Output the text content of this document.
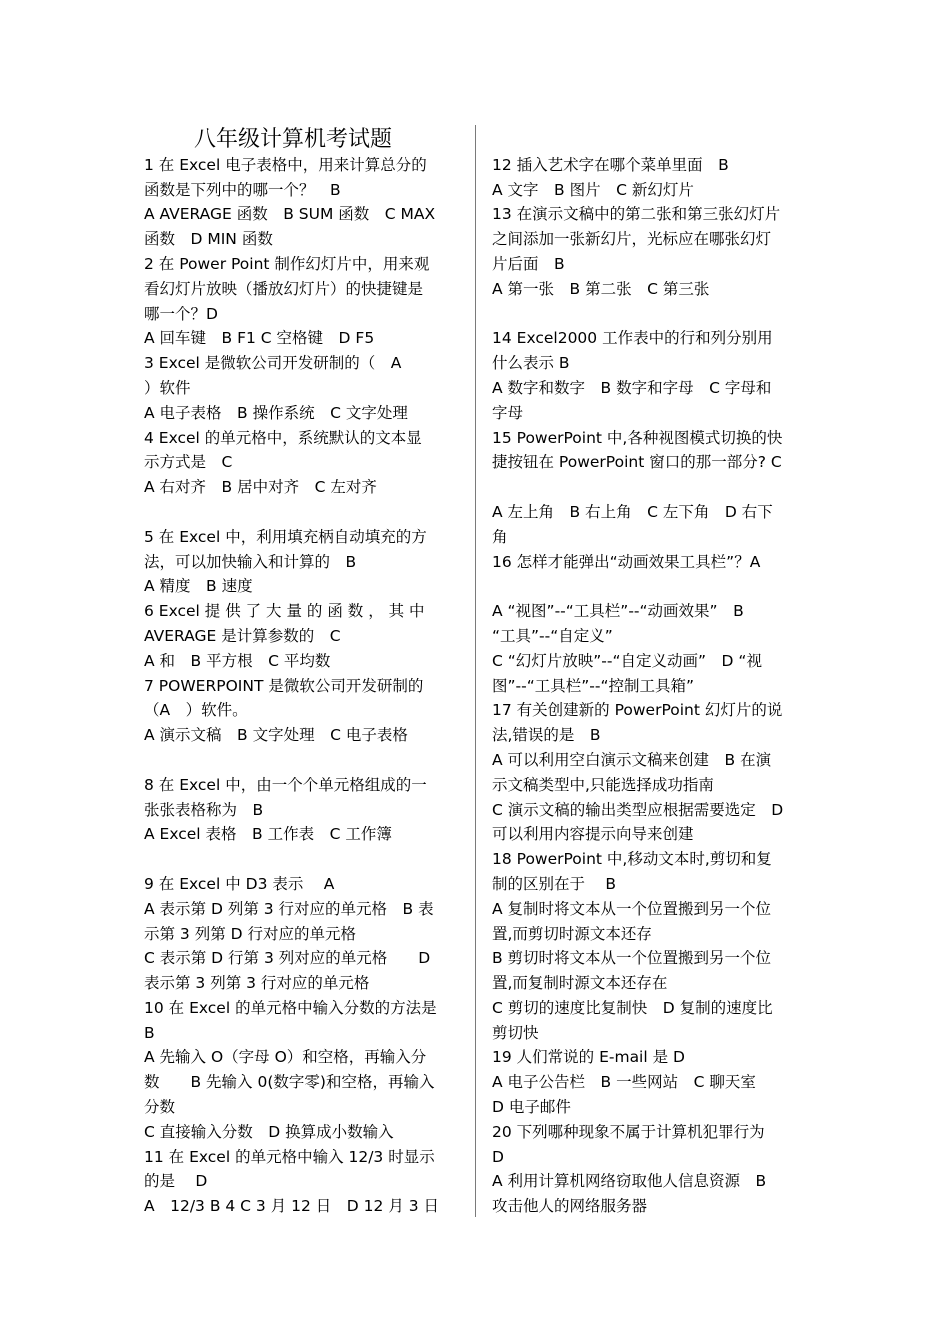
八年级计算机考试题
1 在 Excel 电子表格中，用来计算总分的
函数是下列中的哪一个？　B
A AVERAGE 函数　B SUM 函数　C MAX
函数　D MIN 函数
2 在 Power Point 制作幻灯片中，用来观
看幻灯片放映（播放幻灯片）的快捷键是
哪一个？D
A 回车键　B F1 C 空格键　D F5
3 Excel 是微软公司开发研制的（　A
）软件
A 电子表格　B 操作系统　C 文字处理
4 Excel 的单元格中，系统默认的文本显
示方式是　C
A 右对齐　B 居中对齐　C 左对齐
5 在 Excel 中，利用填充柄自动填充的方
法，可以加快输入和计算的　B
A 精度　B 速度
6 Excel 提 供 了 大 量 的 函 数 ， 其 中
AVERAGE 是计算参数的　C
A 和　B 平方根　C 平均数
7 POWERPOINT 是微软公司开发研制的
（A　）软件。
A 演示文稿　B 文字处理　C 电子表格
8 在 Excel 中，由一个个单元格组成的一
张张表格称为　B
A Excel 表格　B 工作表　C 工作簿
9 在 Excel 中 D3 表示　 A
A 表示第 D 列第 3 行对应的单元格　B 表
示第 3 列第 D 行对应的单元格
C 表示第 D 行第 3 列对应的单元格　　D
表示第 3 列第 3 行对应的单元格
10 在 Excel 的单元格中输入分数的方法是
B
A 先输入 O（字母 O）和空格，再输入分
数　　B 先输入 0(数字零)和空格，再输入
分数
C 直接输入分数　D 换算成小数输入
11 在 Excel 的单元格中输入 12/3 时显示
的是　 D
A　12/3 B 4 C 3 月 12 日　D 12 月 3 日
12 插入艺术字在哪个菜单里面　B
A 文字　B 图片　C 新幻灯片
13 在演示文稿中的第二张和第三张幻灯片
之间添加一张新幻片，光标应在哪张幻灯
片后面　B
A 第一张　B 第二张　C 第三张
14 Excel2000 工作表中的行和列分别用
什么表示 B
A 数字和数字　B 数字和字母　C 字母和
字母
15 PowerPoint 中,各种视图模式切换的快
捷按钮在 PowerPoint 窗口的那一部分? C
A 左上角　B 右上角　C 左下角　D 右下
角
16 怎样才能弹出“动画效果工具栏”？A
A “视图”--“工具栏”--“动画效果”　B
“工具”--“自定义”
C “幻灯片放映”--“自定义动画”　D “视
图”--“工具栏”--“控制工具箱”
17 有关创建新的 PowerPoint 幻灯片的说
法,错误的是　B
A 可以利用空白演示文稿来创建　B 在演
示文稿类型中,只能选择成功指南
C 演示文稿的输出类型应根据需要选定　D
可以利用内容提示向导来创建
18 PowerPoint 中,移动文本时,剪切和复
制的区别在于　 B
A 复制时将文本从一个位置搬到另一个位
置,而剪切时源文本还存
B 剪切时将文本从一个位置搬到另一个位
置,而复制时源文本还存在
C 剪切的速度比复制快　D 复制的速度比
剪切快
19 人们常说的 E-mail 是 D
A 电子公告栏　B 一些网站　C 聊天室
D 电子邮件
20 下列哪种现象不属于计算机犯罪行为
D
A 利用计算机网络窃取他人信息资源　B
攻击他人的网络服务器
